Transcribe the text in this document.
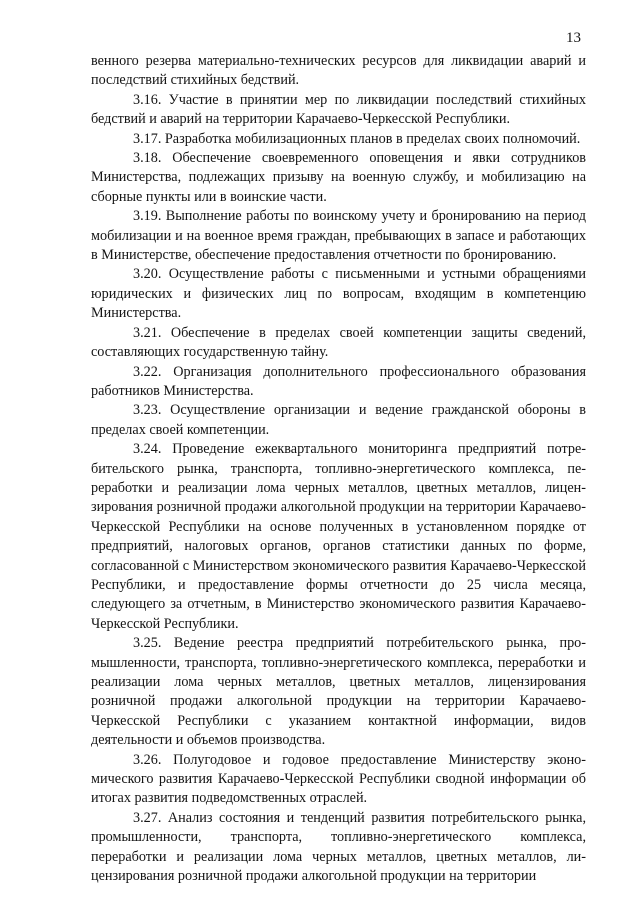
13

венного резерва материально-технических ресурсов для ликвидации аварий и последствий стихийных бедствий.

3.16. Участие в принятии мер по ликвидации последствий стихийных бедствий и аварий на территории Карачаево-Черкесской Республики.

3.17. Разработка мобилизационных планов в пределах своих полномочий.

3.18. Обеспечение своевременного оповещения и явки сотрудников Министерства, подлежащих призыву на военную службу, и мобилизацию на сборные пункты или в воинские части.

3.19. Выполнение работы по воинскому учету и бронированию на период мобилизации и на военное время граждан, пребывающих в запасе и работающих в Министерстве, обеспечение предоставления отчетности по бронированию.

3.20. Осуществление работы с письменными и устными обращениями юридических и физических лиц по вопросам, входящим в компетенцию Министерства.

3.21. Обеспечение в пределах своей компетенции защиты сведений, составляющих государственную тайну.

3.22. Организация дополнительного профессионального образования работников Министерства.

3.23. Осуществление организации и ведение гражданской обороны в пределах своей компетенции.

3.24. Проведение ежеквартального мониторинга предприятий потребительского рынка, транспорта, топливно-энергетического комплекса, переработки и реализации лома черных металлов, цветных металлов, лицензирования розничной продажи алкогольной продукции на территории Карачаево-Черкесской Республики на основе полученных в установленном порядке от предприятий, налоговых органов, органов статистики данных по форме, согласованной с Министерством экономического развития Карачаево-Черкесской Республики, и предоставление формы отчетности до 25 числа месяца, следующего за отчетным, в Министерство экономического развития Карачаево-Черкесской Республики.

3.25. Ведение реестра предприятий потребительского рынка, промышленности, транспорта, топливно-энергетического комплекса, переработки и реализации лома черных металлов, цветных металлов, лицензирования розничной продажи алкогольной продукции на территории Карачаево-Черкесской Республики с указанием контактной информации, видов деятельности и объемов производства.

3.26. Полугодовое и годовое предоставление Министерству экономического развития Карачаево-Черкесской Республики сводной информации об итогах развития подведомственных отраслей.

3.27. Анализ состояния и тенденций развития потребительского рынка, промышленности, транспорта, топливно-энергетического комплекса, переработки и реализации лома черных металлов, цветных металлов, лицензирования розничной продажи алкогольной продукции на территории
